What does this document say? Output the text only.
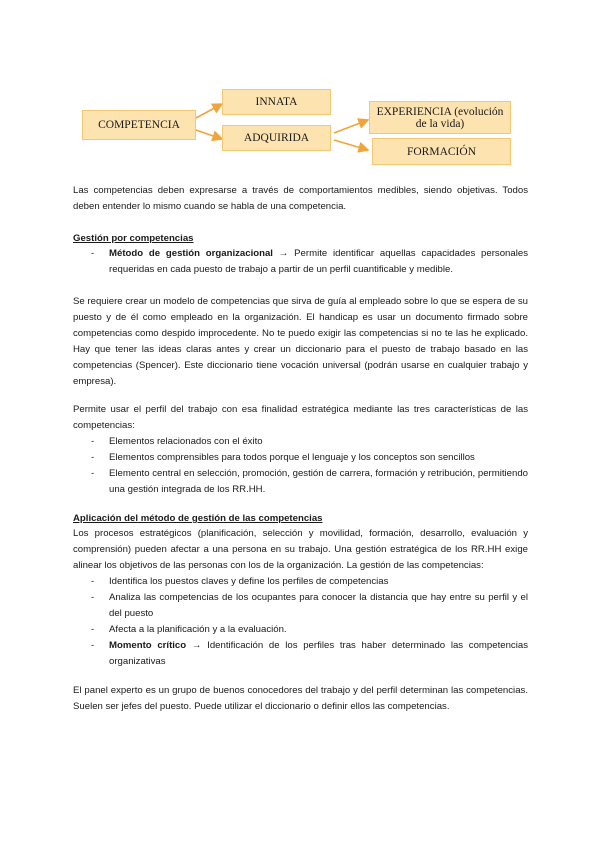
COMPETENCIA
INNATA
ADQUIRIDA
EXPERIENCIA (evolución de la vida)
FORMACIÓN

Las competencias deben expresarse a través de comportamientos medibles, siendo objetivas. Todos deben entender lo mismo cuando se habla de una competencia.

Gestión por competencias

- Método de gestión organizacional → Permite identificar aquellas capacidades personales requeridas en cada puesto de trabajo a partir de un perfil cuantificable y medible.

Se requiere crear un modelo de competencias que sirva de guía al empleado sobre lo que se espera de su puesto y de él como empleado en la organización. El handicap es usar un documento firmado sobre competencias como despido improcedente. No te puedo exigir las competencias si no te las he explicado. Hay que tener las ideas claras antes y crear un diccionario para el puesto de trabajo basado en las competencias (Spencer). Este diccionario tiene vocación universal (podrán usarse en cualquier trabajo y empresa).

Permite usar el perfil del trabajo con esa finalidad estratégica mediante las tres características de las competencias:

- Elementos relacionados con el éxito
- Elementos comprensibles para todos porque el lenguaje y los conceptos son sencillos
- Elemento central en selección, promoción, gestión de carrera, formación y retribución, permitiendo una gestión integrada de los RR.HH.

Aplicación del método de gestión de las competencias

Los procesos estratégicos (planificación, selección y movilidad, formación, desarrollo, evaluación y comprensión) pueden afectar a una persona en su trabajo. Una gestión estratégica de los RR.HH exige alinear los objetivos de las personas con los de la organización. La gestión de las competencias:

- Identifica los puestos claves y define los perfiles de competencias
- Analiza las competencias de los ocupantes para conocer la distancia que hay entre su perfil y el del puesto
- Afecta a la planificación y a la evaluación.
- Momento crítico → Identificación de los perfiles tras haber determinado las competencias organizativas

El panel experto es un grupo de buenos conocedores del trabajo y del perfil determinan las competencias. Suelen ser jefes del puesto. Puede utilizar el diccionario o definir ellos las competencias.
